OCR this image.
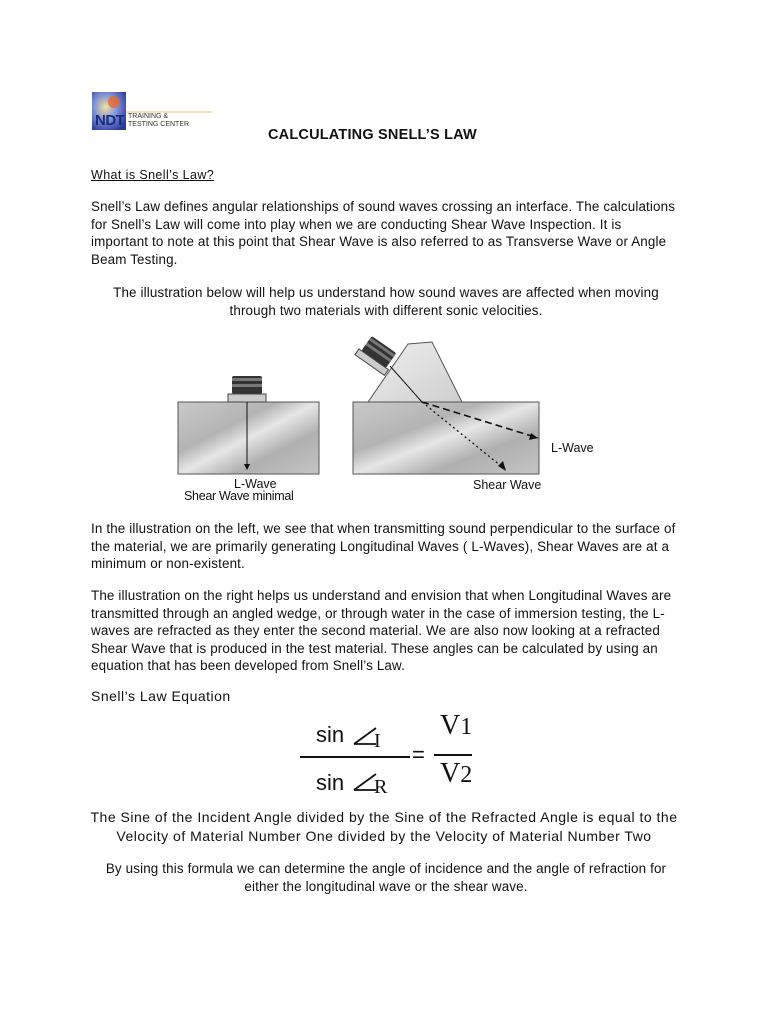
NDT TRAINING &
TESTING CENTER
CALCULATING SNELL’S LAW
What is Snell’s Law?
Snell’s Law defines angular relationships of sound waves crossing an interface. The calculations for Snell’s Law will come into play when we are conducting Shear Wave Inspection. It is important to note at this point that Shear Wave is also referred to as Transverse Wave or Angle Beam Testing.
The illustration below will help us understand how sound waves are affected when moving through two materials with different sonic velocities.
L-Wave
Shear Wave minimal
L-Wave
Shear Wave
In the illustration on the left, we see that when transmitting sound perpendicular to the surface of the material, we are primarily generating Longitudinal Waves ( L-Waves), Shear Waves are at a minimum or non-existent.
The illustration on the right helps us understand and envision that when Longitudinal Waves are transmitted through an angled wedge, or through water in the case of immersion testing, the L-waves are refracted as they enter the second material. We are also now looking at a refracted Shear Wave that is produced in the test material. These angles can be calculated by using an equation that has been developed from Snell’s Law.
Snell’s Law Equation
sin I
sin R
=
V1
V2
The Sine of the Incident Angle divided by the Sine of the Refracted Angle is equal to the Velocity of Material Number One divided by the Velocity of Material Number Two
By using this formula we can determine the angle of incidence and the angle of refraction for either the longitudinal wave or the shear wave.
